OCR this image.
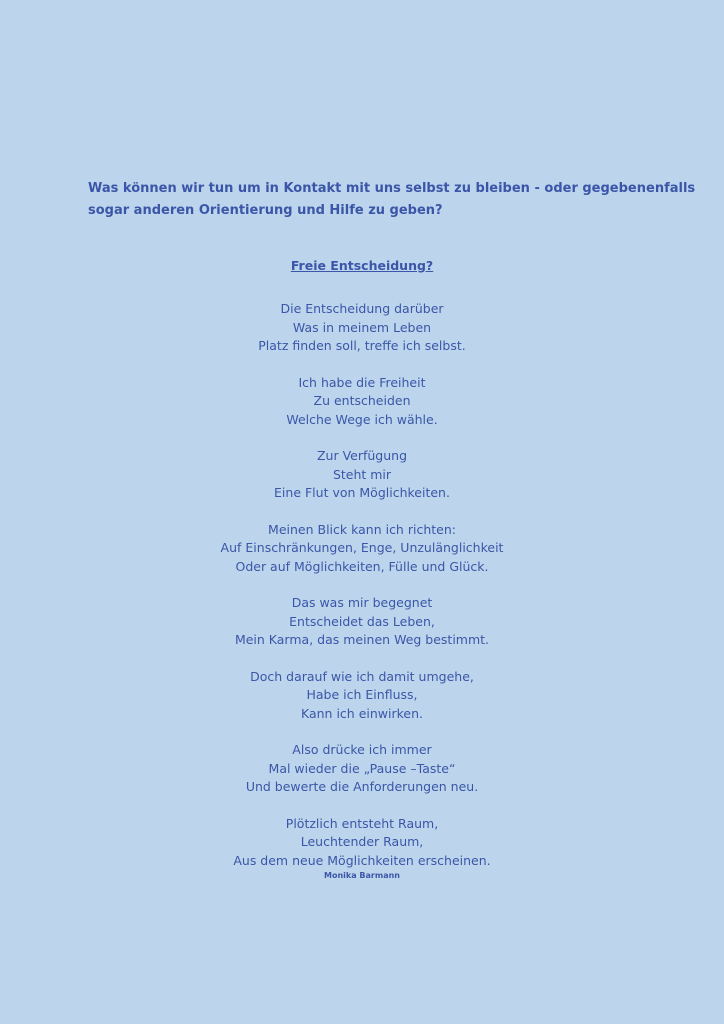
Was können wir tun um in Kontakt mit uns selbst zu bleiben - oder gegebenenfalls
sogar anderen Orientierung und Hilfe zu geben?
Freie Entscheidung?
Die Entscheidung darüber
Was in meinem Leben
Platz finden soll, treffe ich selbst.
Ich habe die Freiheit
Zu entscheiden
Welche Wege ich wähle.
Zur Verfügung
Steht mir
Eine Flut von Möglichkeiten.
Meinen Blick kann ich richten:
Auf Einschränkungen, Enge, Unzulänglichkeit
Oder auf Möglichkeiten, Fülle und Glück.
Das was mir begegnet
Entscheidet das Leben,
Mein Karma, das meinen Weg bestimmt.
Doch darauf wie ich damit umgehe,
Habe ich Einfluss,
Kann ich einwirken.
Also drücke ich immer
Mal wieder die „Pause –Taste“
Und bewerte die Anforderungen neu.
Plötzlich entsteht Raum,
Leuchtender Raum,
Aus dem neue Möglichkeiten erscheinen.
Monika Barmann
